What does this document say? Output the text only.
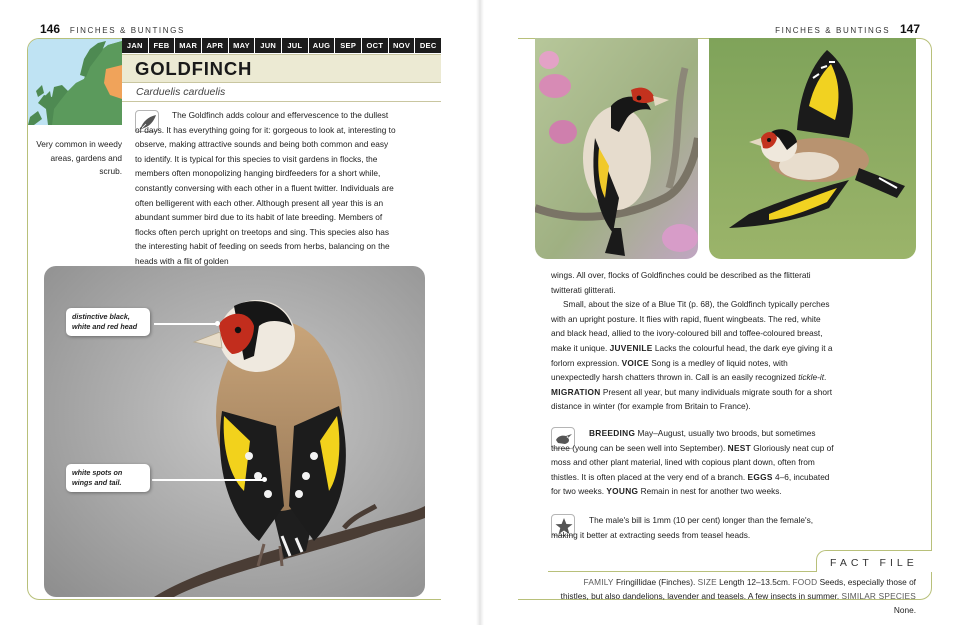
146 FINCHES & BUNTINGS	FINCHES & BUNTINGS 147
JAN	FEB	MAR	APR	MAY	JUN	JUL	AUG	SEP	OCT	NOV	DEC
GOLDFINCH
Carduelis carduelis
Very common in weedy areas, gardens and scrub.
The Goldfinch adds colour and effervescence to the dullest of days. It has everything going for it: gorgeous to look at, interesting to observe, making attractive sounds and being both common and easy to identify. It is typical for this species to visit gardens in flocks, the members often monopolizing hanging birdfeeders for a short while, constantly conversing with each other in a fluent twitter. Individuals are often belligerent with each other. Although present all year this is an abundant summer bird due to its habit of late breeding. Members of flocks often perch upright on treetops and sing. This species also has the interesting habit of feeding on seeds from herbs, balancing on the heads with a flit of golden
distinctive black, white and red head
white spots on wings and tail.
wings. All over, flocks of Goldfinches could be described as the flitterati twitterati glitterati.
Small, about the size of a Blue Tit (p. 68), the Goldfinch typically perches with an upright posture. It flies with rapid, fluent wingbeats. The red, white and black head, allied to the ivory-coloured bill and toffee-coloured breast, make it unique. JUVENILE Lacks the colourful head, the dark eye giving it a forlorn expression. VOICE Song is a medley of liquid notes, with unexpectedly harsh chatters thrown in. Call is an easily recognized tickle-it. MIGRATION Present all year, but many individuals migrate south for a short distance in winter (for example from Britain to France).
BREEDING May–August, usually two broods, but sometimes three (young can be seen well into September). NEST Gloriously neat cup of moss and other plant material, lined with copious plant down, often from thistles. It is often placed at the very end of a branch. EGGS 4–6, incubated for two weeks. YOUNG Remain in nest for another two weeks.
The male's bill is 1mm (10 per cent) longer than the female's, making it better at extracting seeds from teasel heads.
FACT FILE
FAMILY Fringillidae (Finches). SIZE Length 12–13.5cm. FOOD Seeds, especially those of thistles, but also dandelions, lavender and teasels. A few insects in summer. SIMILAR SPECIES None.
